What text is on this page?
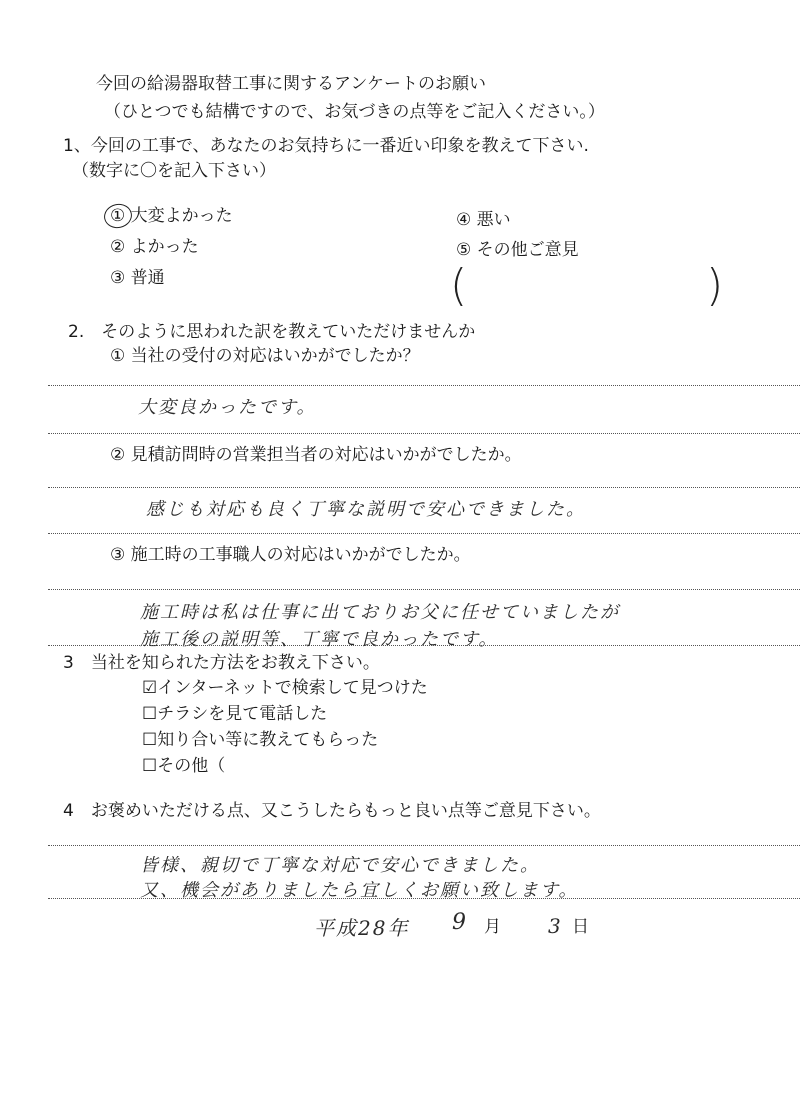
今回の給湯器取替工事に関するアンケートのお願い
（ひとつでも結構ですので、お気づきの点等をご記入ください。）
1、今回の工事で、あなたのお気持ちに一番近い印象を教えて下さい.
（数字に〇を記入下さい）
① 大変よかった
② よかった
③ 普通
④ 悪い
⑤ その他ご意見
(	)
2.　そのように思われた訳を教えていただけませんか
① 当社の受付の対応はいかがでしたか？
大変良かったです。
② 見積訪問時の営業担当者の対応はいかがでしたか。
感じも対応も良く丁寧な説明で安心できました。
③ 施工時の工事職人の対応はいかがでしたか。
施工時は私は仕事に出ておりお父に任せていましたが
施工後の説明等、丁寧で良かったです。
3　当社を知られた方法をお教え下さい。
☑インターネットで検索して見つけた
☐チラシを見て電話した
☐知り合い等に教えてもらった
☐その他（
4　お褒めいただける点、又こうしたらもっと良い点等ご意見下さい。
皆様、親切で丁寧な対応で安心できました。
又、機会がありましたら宜しくお願い致します。
平成28年 9 月 3 日
